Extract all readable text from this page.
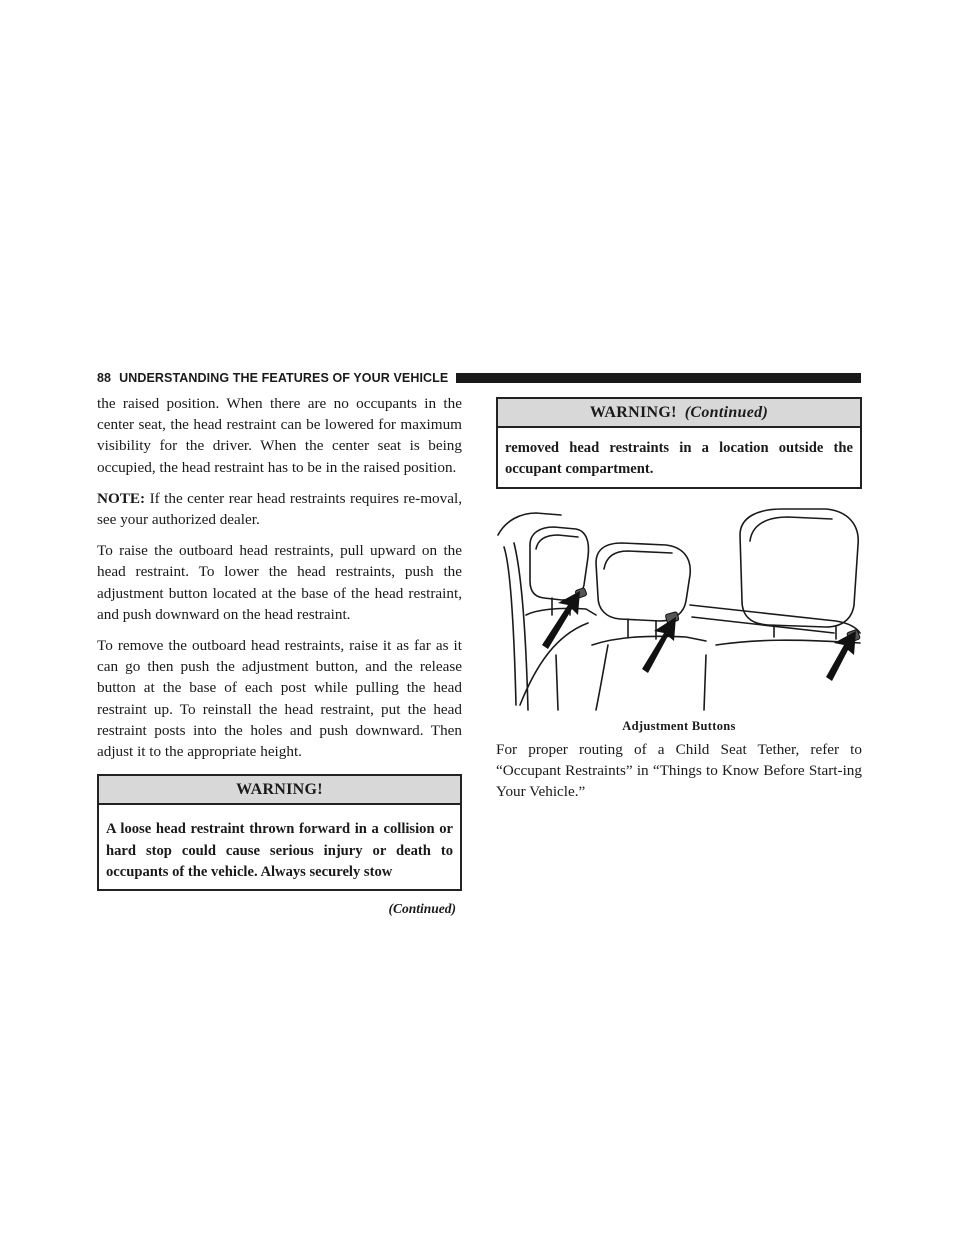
88 UNDERSTANDING THE FEATURES OF YOUR VEHICLE

the raised position. When there are no occupants in the center seat, the head restraint can be lowered for maximum visibility for the driver. When the center seat is being occupied, the head restraint has to be in the raised position.

NOTE: If the center rear head restraints requires re-moval, see your authorized dealer.

To raise the outboard head restraints, pull upward on the head restraint. To lower the head restraints, push the adjustment button located at the base of the head restraint, and push downward on the head restraint.

To remove the outboard head restraints, raise it as far as it can go then push the adjustment button, and the release button at the base of each post while pulling the head restraint up. To reinstall the head restraint, put the head restraint posts into the holes and push downward. Then adjust it to the appropriate height.

WARNING!
A loose head restraint thrown forward in a collision or hard stop could cause serious injury or death to occupants of the vehicle. Always securely stow
(Continued)
WARNING! (Continued)
removed head restraints in a location outside the occupant compartment.
Adjustment Buttons

For proper routing of a Child Seat Tether, refer to “Occupant Restraints” in “Things to Know Before Start-ing Your Vehicle.”
